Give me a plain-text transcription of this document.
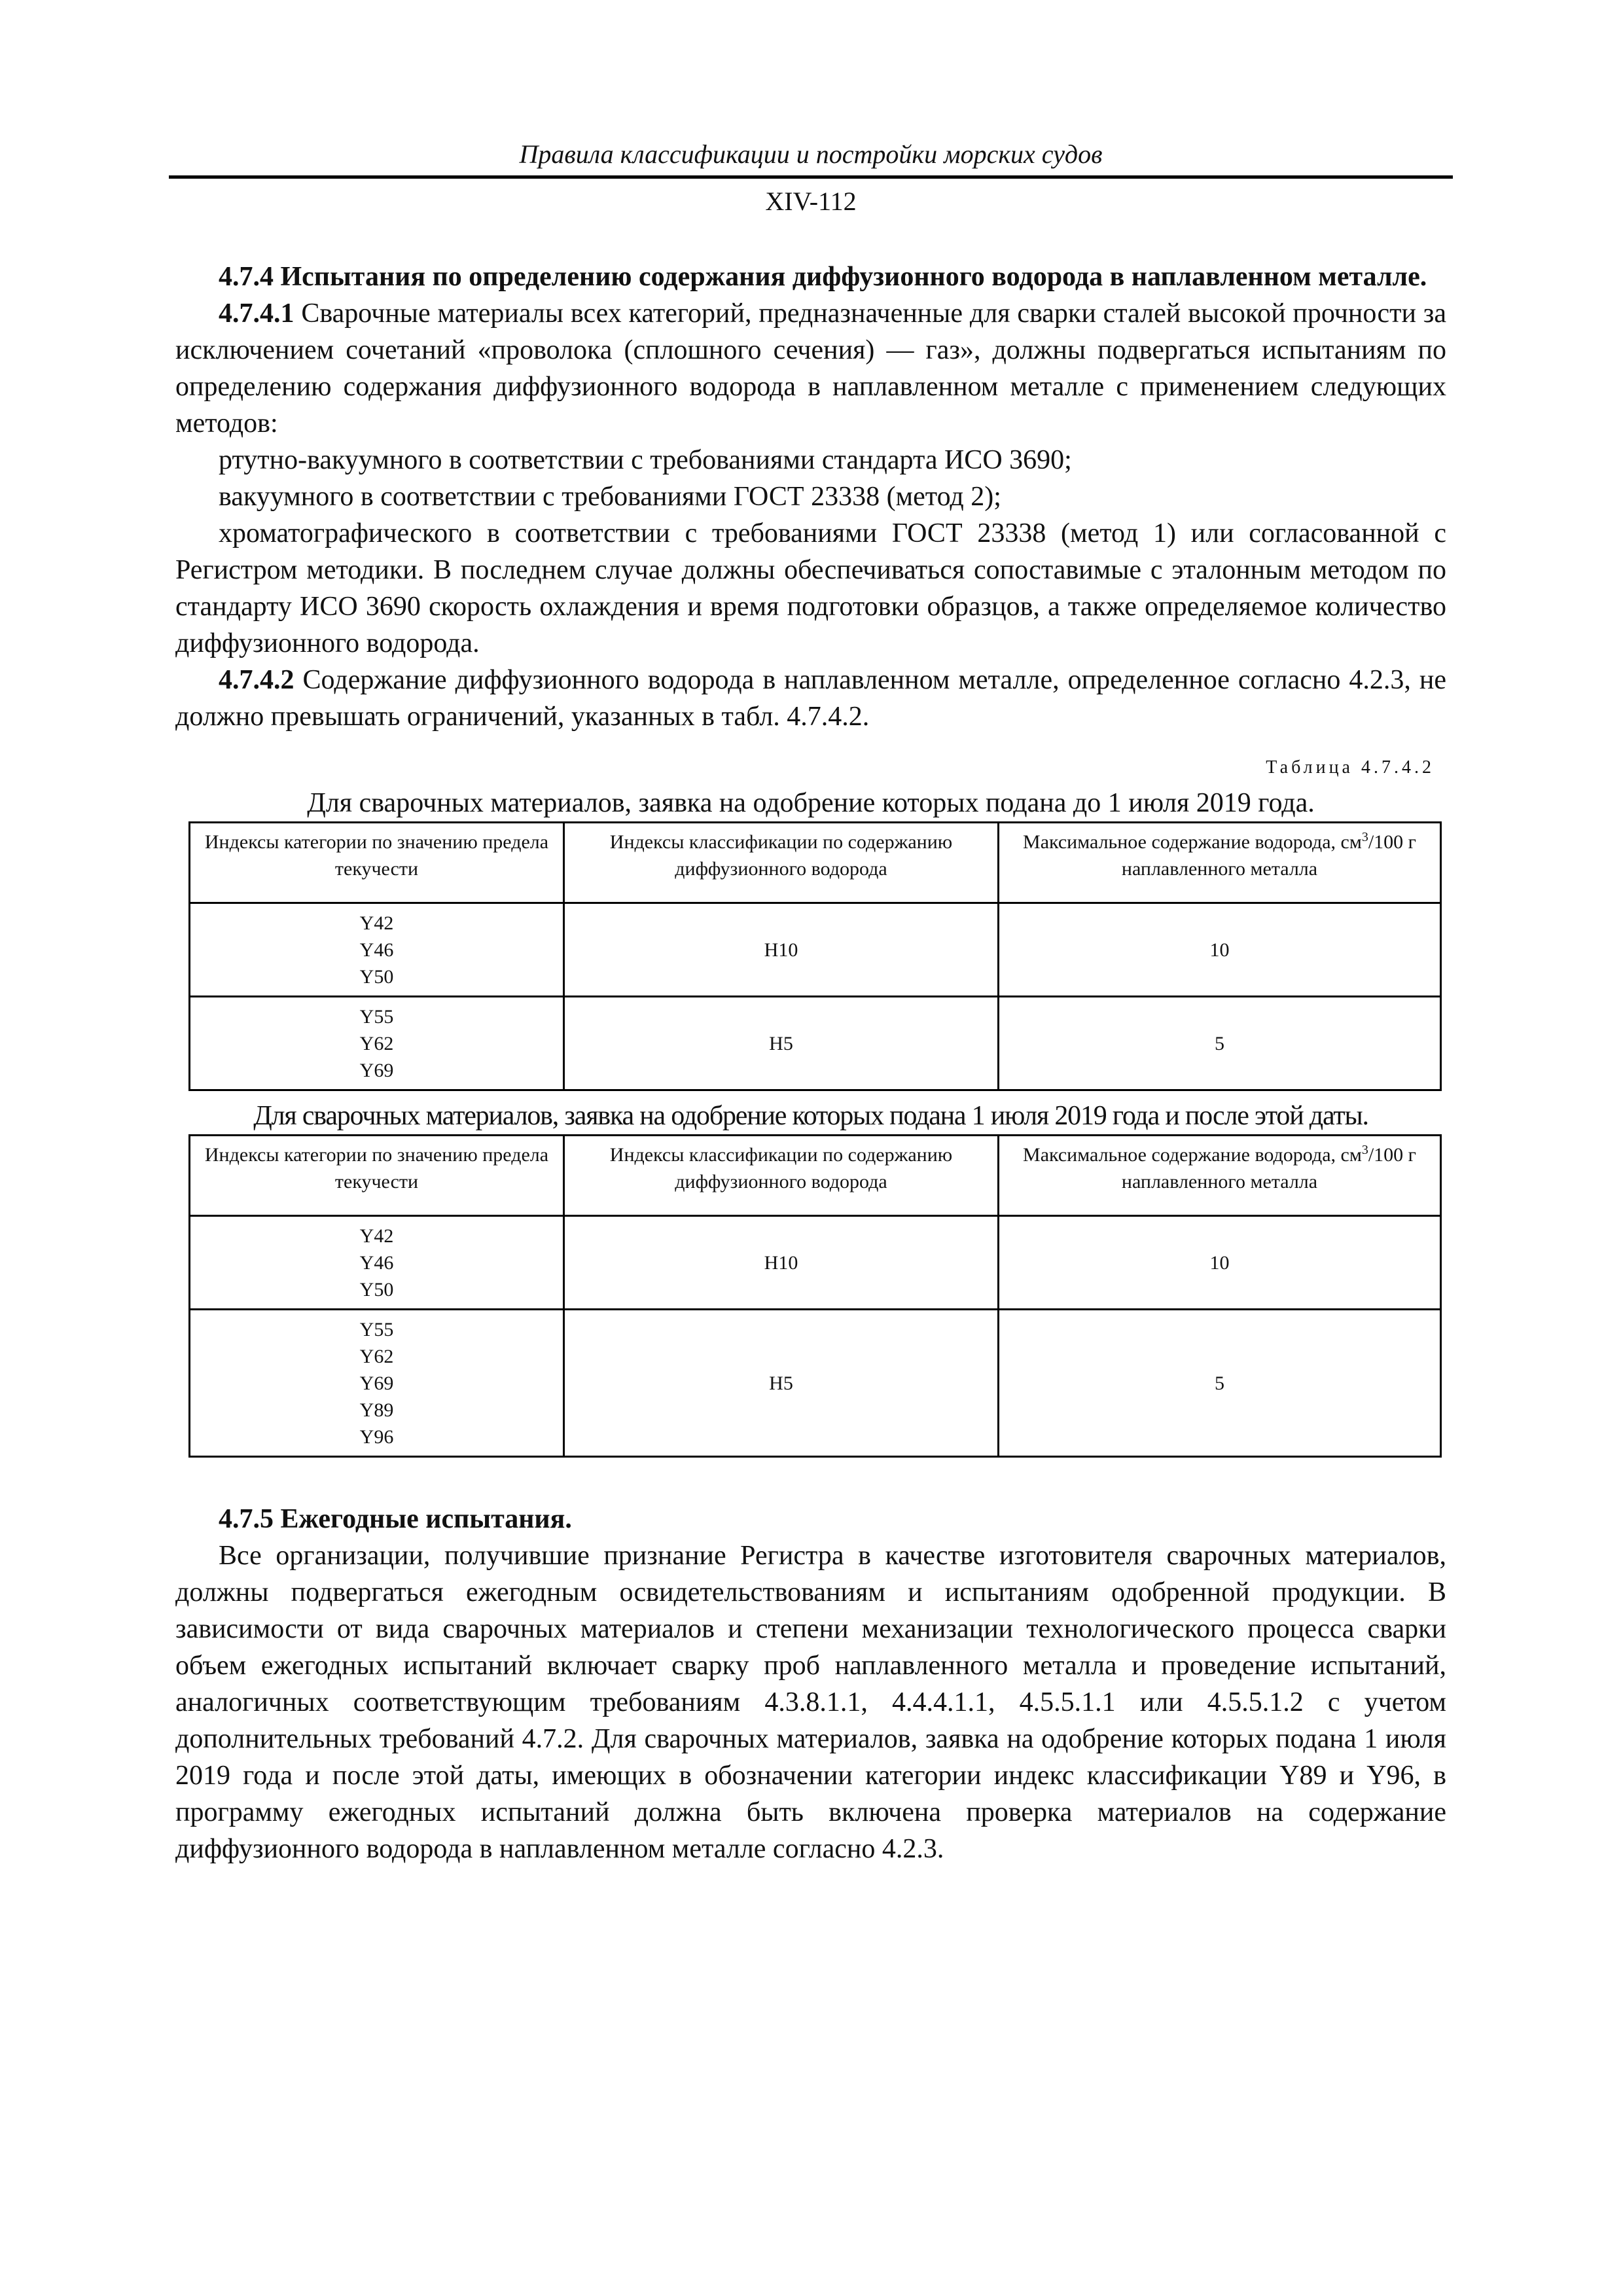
Правила классификации и постройки морских судов
XIV-112

4.7.4 Испытания по определению содержания диффузионного водорода в наплавленном металле.

4.7.4.1 Сварочные материалы всех категорий, предназначенные для сварки сталей высокой прочности за исключением сочетаний «проволока (сплошного сечения) — газ», должны подвергаться испытаниям по определению содержания диффузионного водорода в наплавленном металле с применением следующих методов:

ртутно-вакуумного в соответствии с требованиями стандарта ИСО 3690;

вакуумного в соответствии с требованиями ГОСТ 23338 (метод 2);

хроматографического в соответствии с требованиями ГОСТ 23338 (метод 1) или согласованной с Регистром методики. В последнем случае должны обеспечиваться сопоставимые с эталонным методом по стандарту ИСО 3690 скорость охлаждения и время подготовки образцов, а также определяемое количество диффузионного водорода.

4.7.4.2 Содержание диффузионного водорода в наплавленном металле, определенное согласно 4.2.3, не должно превышать ограничений, указанных в табл. 4.7.4.2.

Таблица 4.7.4.2
Для сварочных материалов, заявка на одобрение которых подана до 1 июля 2019 года.
Индексы категории по значению предела текучести	Индексы классификации по содержанию диффузионного водорода	Максимальное содержание водорода, $см^3/100$ г наплавленного металла

Y42
Y46
Y50	H10	10

Y55
Y62
Y69	H5	5
Для сварочных материалов, заявка на одобрение которых подана 1 июля 2019 года и после этой даты.
Индексы категории по значению предела текучести	Индексы классификации по содержанию диффузионного водорода	Максимальное содержание водорода, $см^3/100$ г наплавленного металла

Y42
Y46
Y50	H10	10

Y55
Y62
Y69
Y89
Y96	H5	5

4.7.5 Ежегодные испытания.

Все организации, получившие признание Регистра в качестве изготовителя сварочных материалов, должны подвергаться ежегодным освидетельствованиям и испытаниям одобренной продукции. В зависимости от вида сварочных материалов и степени механизации технологического процесса сварки объем ежегодных испытаний включает сварку проб наплавленного металла и проведение испытаний, аналогичных соответствующим требованиям 4.3.8.1.1, 4.4.4.1.1, 4.5.5.1.1 или 4.5.5.1.2 с учетом дополнительных требований 4.7.2. Для сварочных материалов, заявка на одобрение которых подана 1 июля 2019 года и после этой даты, имеющих в обозначении категории индекс классификации Y89 и Y96, в программу ежегодных испытаний должна быть включена проверка материалов на содержание диффузионного водорода в наплавленном металле согласно 4.2.3.
